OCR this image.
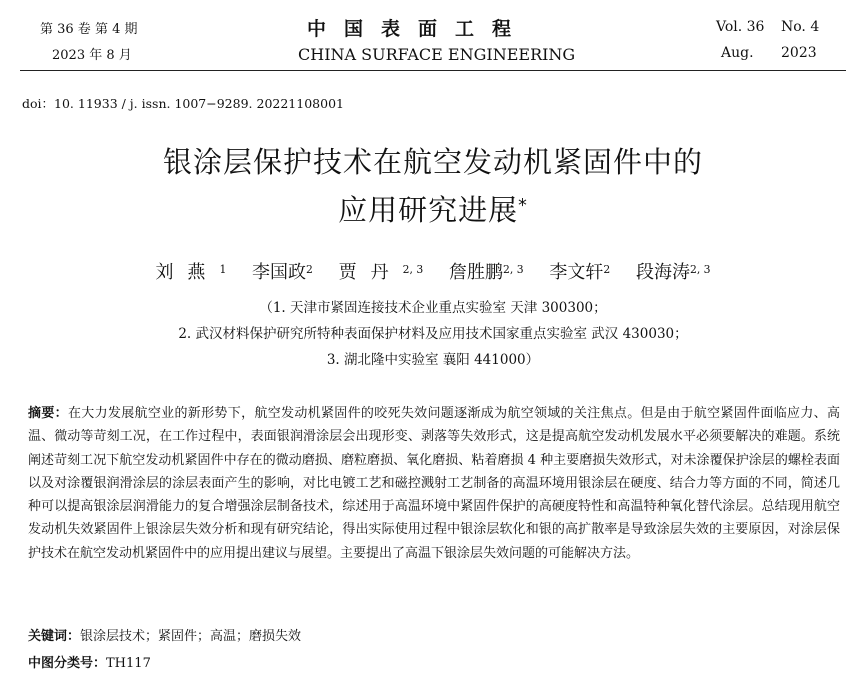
第 36 卷 第 4 期
2023 年 8 月
中国表面工程
CHINA SURFACE ENGINEERING
Vol. 36 No. 4
Aug. 2023
doi：10. 11933 / j. issn. 1007−9289. 20221108001
银涂层保护技术在航空发动机紧固件中的
应用研究进展*
刘燕$^1$ 李国政$^2$ 贾丹$^{2, 3}$ 詹胜鹏$^{2, 3}$ 李文轩$^2$ 段海涛$^{2, 3}$
（1. 天津市紧固连接技术企业重点实验室 天津 300300；
2. 武汉材料保护研究所特种表面保护材料及应用技术国家重点实验室 武汉 430030；
3. 湖北隆中实验室 襄阳 441000）
摘要：在大力发展航空业的新形势下，航空发动机紧固件的咬死失效问题逐渐成为航空领域的关注焦点。但是由于航空紧固件面临应力、高温、微动等苛刻工况，在工作过程中，表面银润滑涂层会出现形变、剥落等失效形式，这是提高航空发动机发展水平必须要解决的难题。系统阐述苛刻工况下航空发动机紧固件中存在的微动磨损、磨粒磨损、氧化磨损、粘着磨损 4 种主要磨损失效形式，对未涂覆保护涂层的螺栓表面以及对涂覆银润滑涂层的涂层表面产生的影响，对比电镀工艺和磁控溅射工艺制备的高温环境用银涂层在硬度、结合力等方面的不同，简述几种可以提高银涂层润滑能力的复合增强涂层制备技术，综述用于高温环境中紧固件保护的高硬度特性和高温特种氧化替代涂层。总结现用航空发动机失效紧固件上银涂层失效分析和现有研究结论，得出实际使用过程中银涂层软化和银的高扩散率是导致涂层失效的主要原因，对涂层保护技术在航空发动机紧固件中的应用提出建议与展望。主要提出了高温下银涂层失效问题的可能解决方法。
关键词：银涂层技术；紧固件；高温；磨损失效
中图分类号：TH117
